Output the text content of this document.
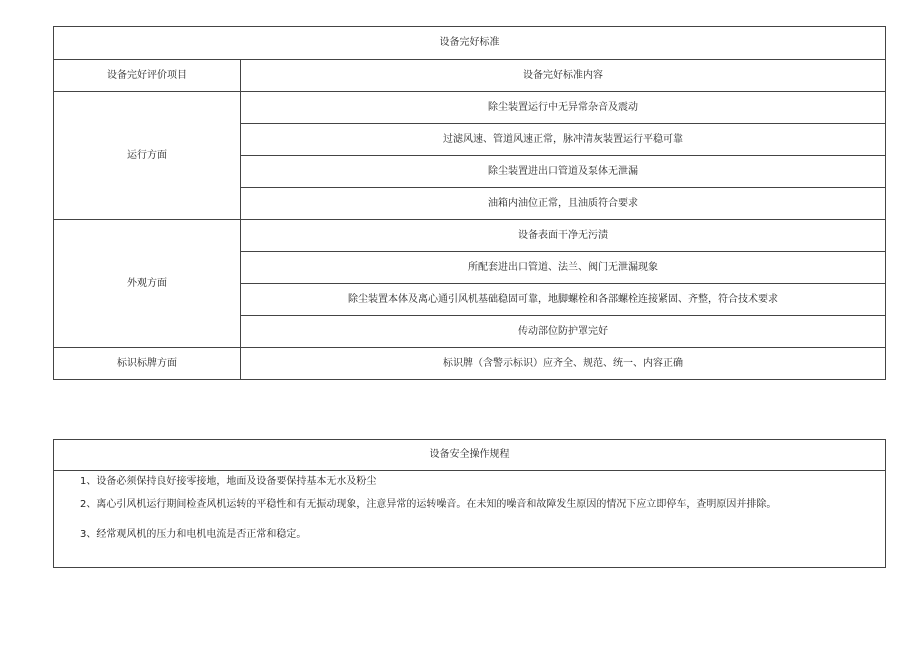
设备完好标准	
设备完好评价项目	设备完好标准内容
运行方面	除尘装置运行中无异常杂音及震动
	过滤风速、管道风速正常，脉冲清灰装置运行平稳可靠
	除尘装置进出口管道及泵体无泄漏
	油箱内油位正常，且油质符合要求
外观方面	设备表面干净无污渍
	所配套进出口管道、法兰、阀门无泄漏现象
	除尘装置本体及离心通引风机基础稳固可靠，地脚螺栓和各部螺栓连接紧固、齐整，符合技术要求
	传动部位防护罩完好
标识标牌方面	标识牌（含警示标识）应齐全、规范、统一、内容正确
设备安全操作规程

1、设备必须保持良好接零接地，地面及设备要保持基本无水及粉尘

2、离心引风机运行期间检查风机运转的平稳性和有无振动现象，注意异常的运转噪音。在未知的噪音和故障发生原因的情况下应立即停车，查明原因并排除。

3、经常观风机的压力和电机电流是否正常和稳定。
